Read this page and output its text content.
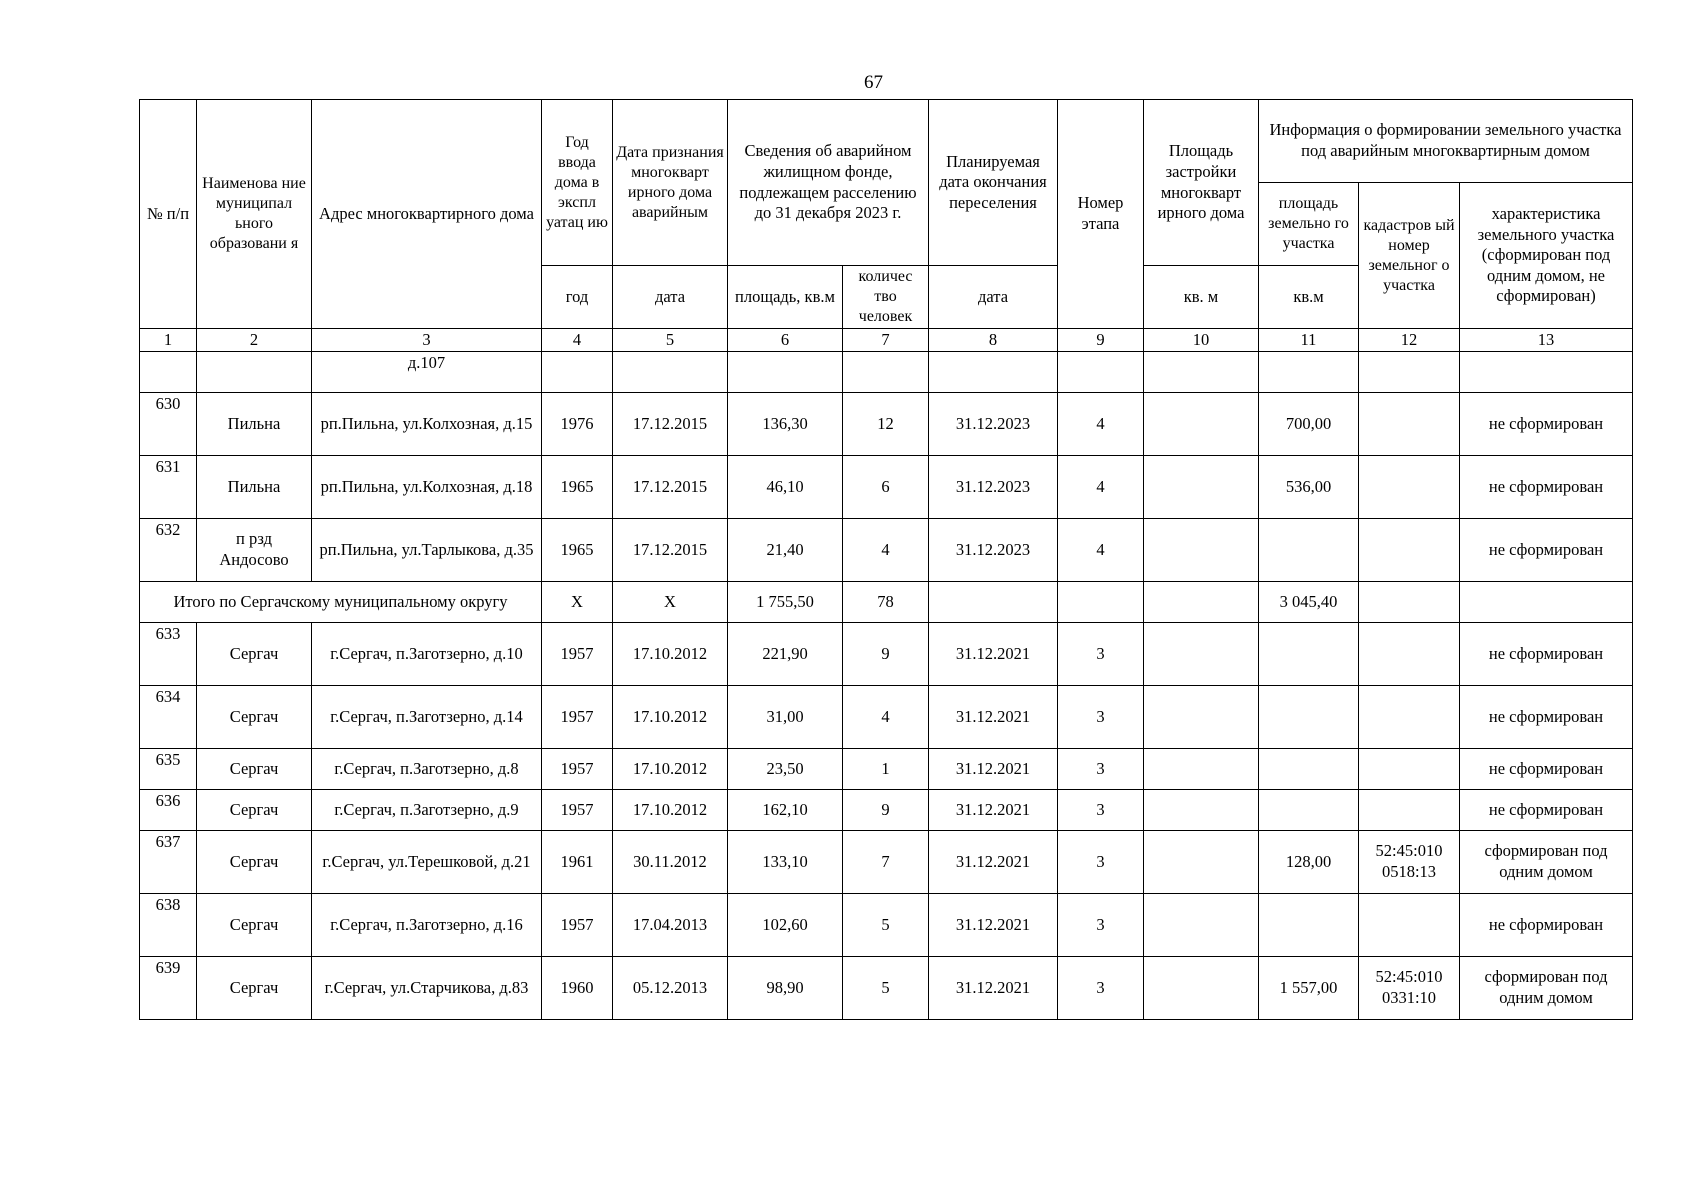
67
№ п/п	Наименова ние муниципал ьного образовани я	Адрес многоквартирного дома	Год ввода дома в экспл уатац ию	Дата признания многокварт ирного дома аварийным	Сведения об аварийном жилищном фонде, подлежащем расселению до 31 декабря 2023 г.		Планируемая дата окончания переселения	Номер этапа	Площадь застройки многокварт ирного дома	Информация о формировании земельного участка под аварийным многоквартирным домом		
										площадь земельно го участка	кадастров ый номер земельног о участка	характеристика земельного участка (сформирован под одним домом, не сформирован)
			год	дата	площадь, кв.м	количес тво человек	дата		кв. м	кв.м		
1	2	3	4	5	6	7	8	9	10	11	12	13
		д.107										
630	Пильна	рп.Пильна, ул.Колхозная, д.15	1976	17.12.2015	136,30	12	31.12.2023	4		700,00		не сформирован
631	Пильна	рп.Пильна, ул.Колхозная, д.18	1965	17.12.2015	46,10	6	31.12.2023	4		536,00		не сформирован
632	п рзд Андосово	рп.Пильна, ул.Тарлыкова, д.35	1965	17.12.2015	21,40	4	31.12.2023	4				не сформирован
Итого по Сергачскому муниципальному округу			Х	Х	1 755,50	78				3 045,40		
633	Сергач	г.Сергач, п.Заготзерно, д.10	1957	17.10.2012	221,90	9	31.12.2021	3				не сформирован
634	Сергач	г.Сергач, п.Заготзерно, д.14	1957	17.10.2012	31,00	4	31.12.2021	3				не сформирован
635	Сергач	г.Сергач, п.Заготзерно, д.8	1957	17.10.2012	23,50	1	31.12.2021	3				не сформирован
636	Сергач	г.Сергач, п.Заготзерно, д.9	1957	17.10.2012	162,10	9	31.12.2021	3				не сформирован
637	Сергач	г.Сергач, ул.Терешковой, д.21	1961	30.11.2012	133,10	7	31.12.2021	3		128,00	52:45:010 0518:13	сформирован под одним домом
638	Сергач	г.Сергач, п.Заготзерно, д.16	1957	17.04.2013	102,60	5	31.12.2021	3				не сформирован
639	Сергач	г.Сергач, ул.Старчикова, д.83	1960	05.12.2013	98,90	5	31.12.2021	3		1 557,00	52:45:010 0331:10	сформирован под одним домом
